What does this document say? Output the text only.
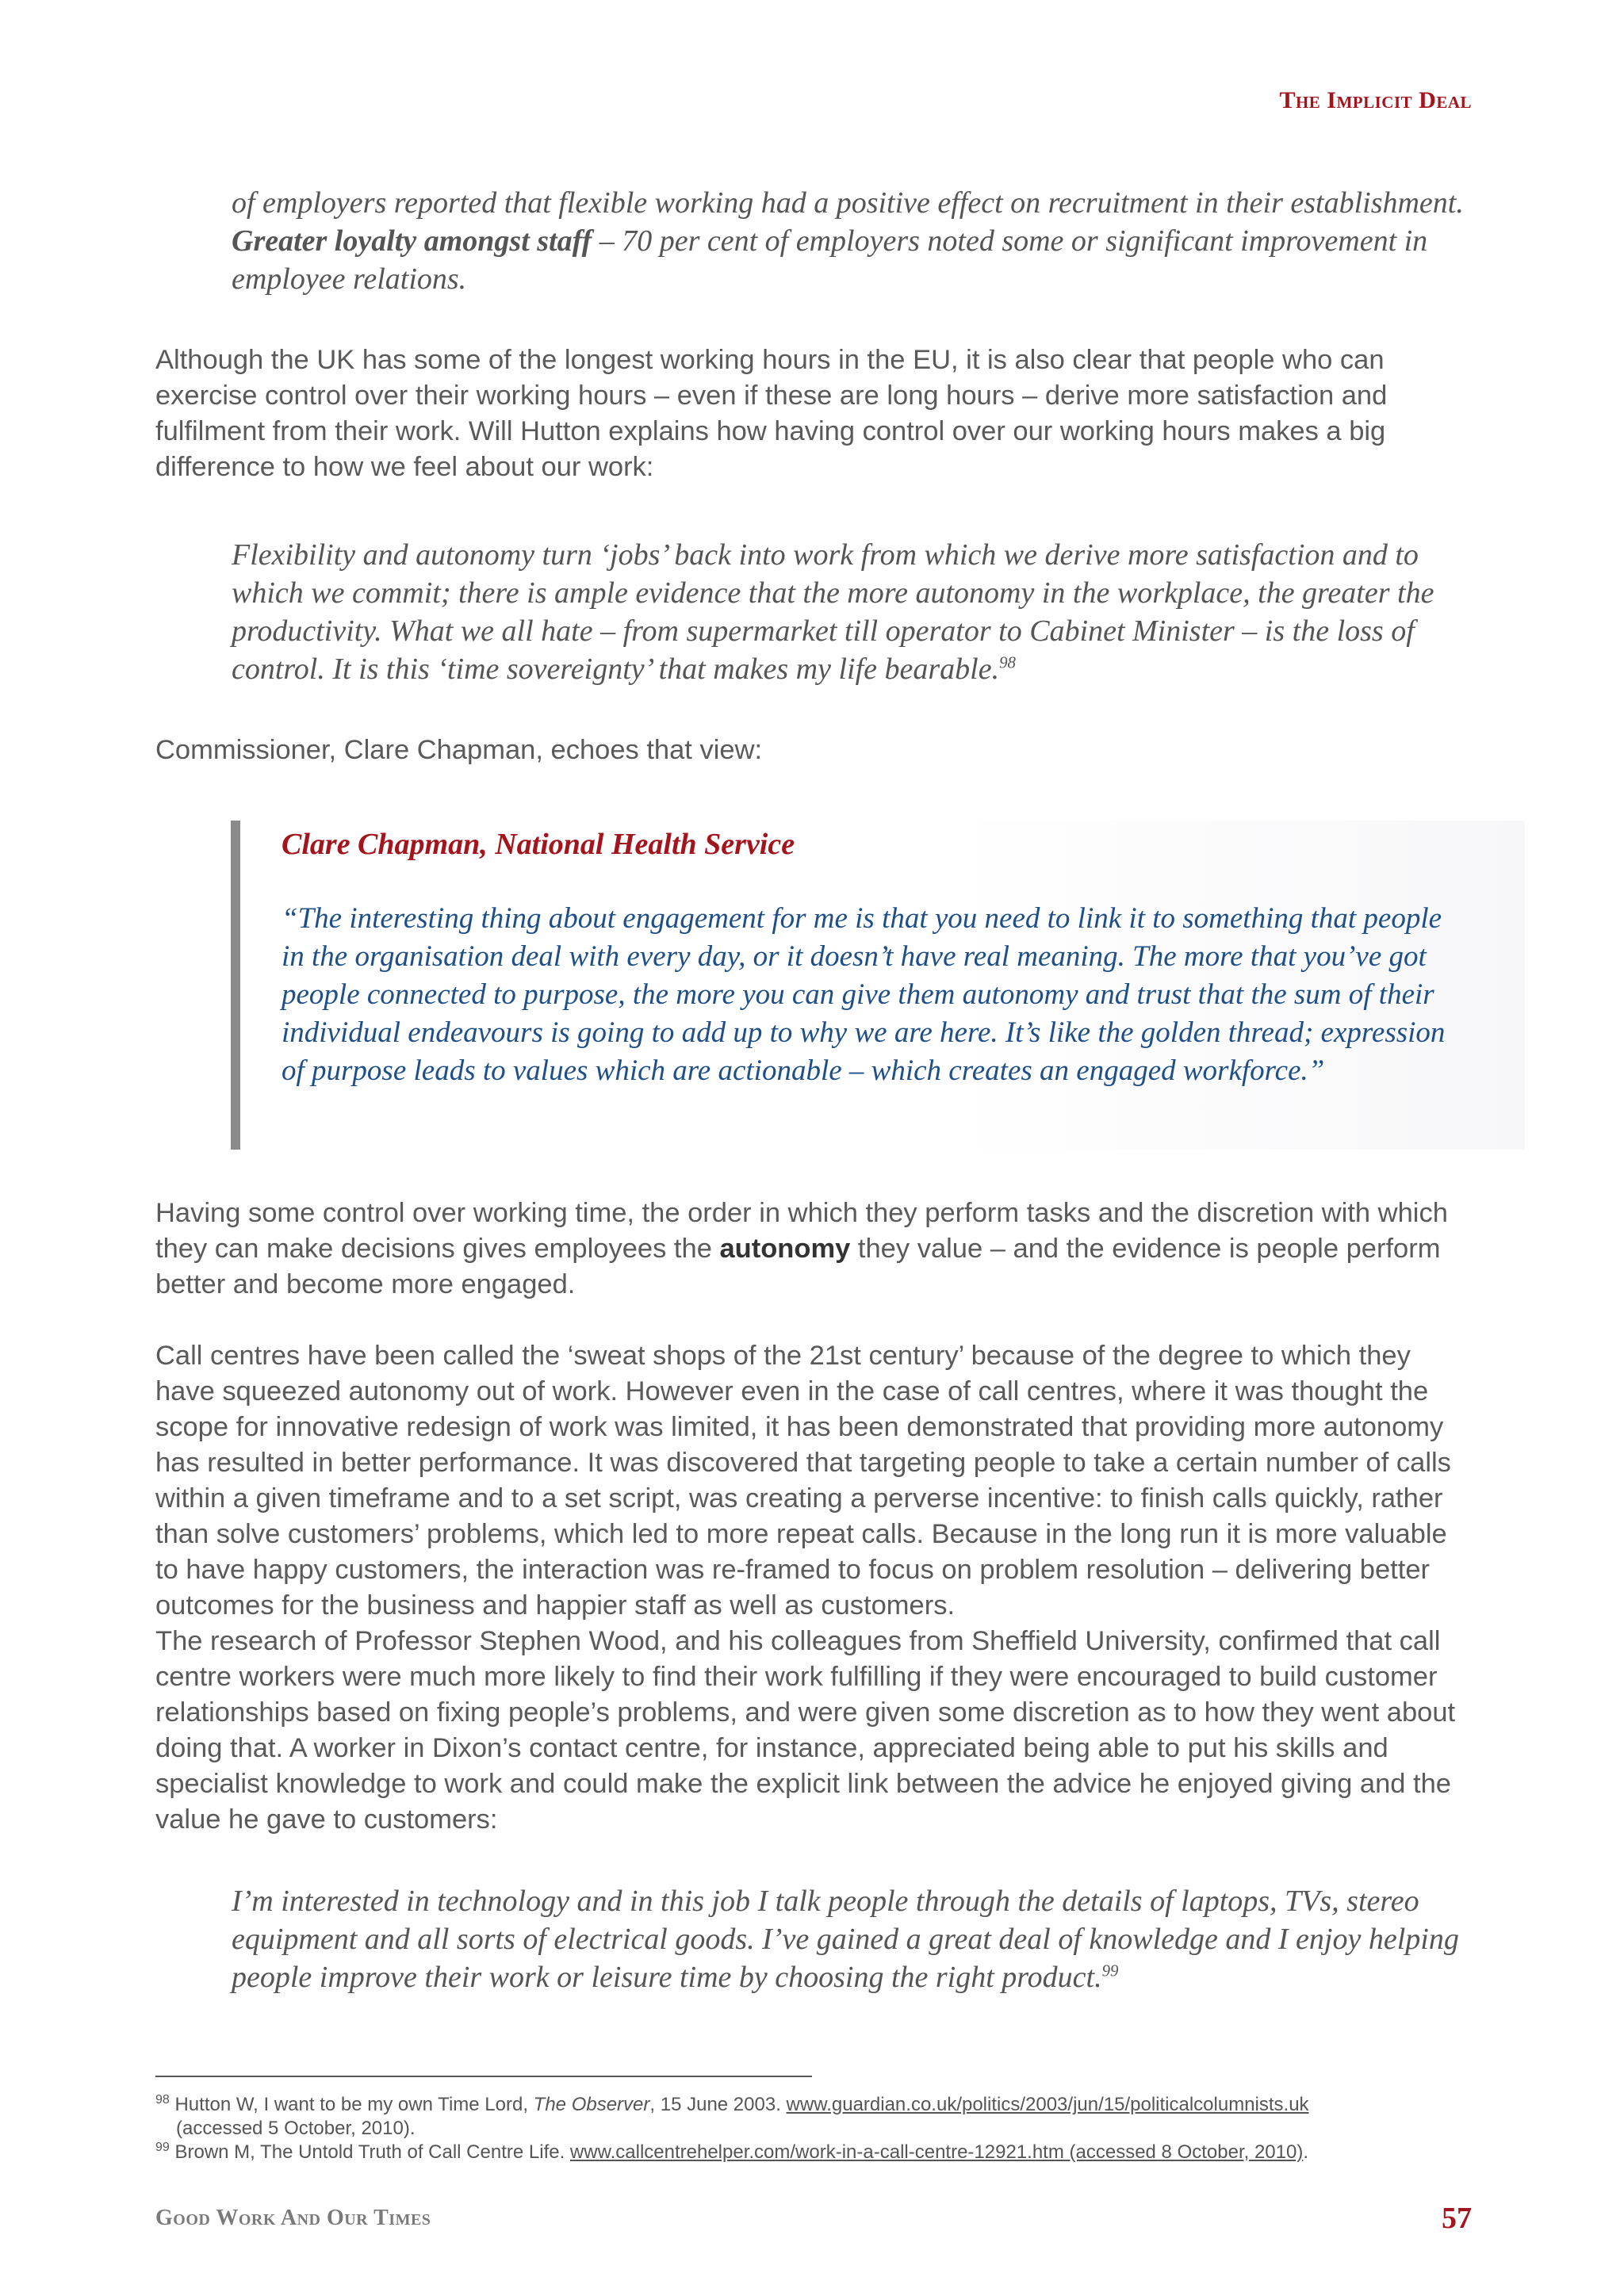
The Implicit Deal

of employers reported that flexible working had a positive effect on recruitment in their establishment. Greater loyalty amongst staff – 70 per cent of employers noted some or significant improvement in employee relations.

Although the UK has some of the longest working hours in the EU, it is also clear that people who can exercise control over their working hours – even if these are long hours – derive more satisfaction and fulfilment from their work. Will Hutton explains how having control over our working hours makes a big difference to how we feel about our work:

Flexibility and autonomy turn ‘jobs’ back into work from which we derive more satisfaction and to which we commit; there is ample evidence that the more autonomy in the workplace, the greater the productivity. What we all hate – from supermarket till operator to Cabinet Minister – is the loss of control. It is this ‘time sovereignty’ that makes my life bearable.$^{98}$

Commissioner, Clare Chapman, echoes that view:

Clare Chapman, National Health Service

“The interesting thing about engagement for me is that you need to link it to something that people in the organisation deal with every day, or it doesn’t have real meaning. The more that you’ve got people connected to purpose, the more you can give them autonomy and trust that the sum of their individual endeavours is going to add up to why we are here. It’s like the golden thread; expression of purpose leads to values which are actionable – which creates an engaged workforce.”

Having some control over working time, the order in which they perform tasks and the discretion with which they can make decisions gives employees the autonomy they value – and the evidence is people perform better and become more engaged.

Call centres have been called the ‘sweat shops of the 21st century’ because of the degree to which they have squeezed autonomy out of work. However even in the case of call centres, where it was thought the scope for innovative redesign of work was limited, it has been demonstrated that providing more autonomy has resulted in better performance. It was discovered that targeting people to take a certain number of calls within a given timeframe and to a set script, was creating a perverse incentive: to finish calls quickly, rather than solve customers’ problems, which led to more repeat calls. Because in the long run it is more valuable to have happy customers, the interaction was re-framed to focus on problem resolution – delivering better outcomes for the business and happier staff as well as customers.

The research of Professor Stephen Wood, and his colleagues from Sheffield University, confirmed that call centre workers were much more likely to find their work fulfilling if they were encouraged to build customer relationships based on fixing people’s problems, and were given some discretion as to how they went about doing that. A worker in Dixon’s contact centre, for instance, appreciated being able to put his skills and specialist knowledge to work and could make the explicit link between the advice he enjoyed giving and the value he gave to customers:

I’m interested in technology and in this job I talk people through the details of laptops, TVs, stereo equipment and all sorts of electrical goods. I’ve gained a great deal of knowledge and I enjoy helping people improve their work or leisure time by choosing the right product.$^{99}$

$^{98}$ Hutton W, I want to be my own Time Lord, The Observer, 15 June 2003. www.guardian.co.uk/politics/2003/jun/15/politicalcolumnists.uk
(accessed 5 October, 2010).

$^{99}$ Brown M, The Untold Truth of Call Centre Life. www.callcentrehelper.com/work-in-a-call-centre-12921.htm (accessed 8 October, 2010).

Good Work And Our Times	57
